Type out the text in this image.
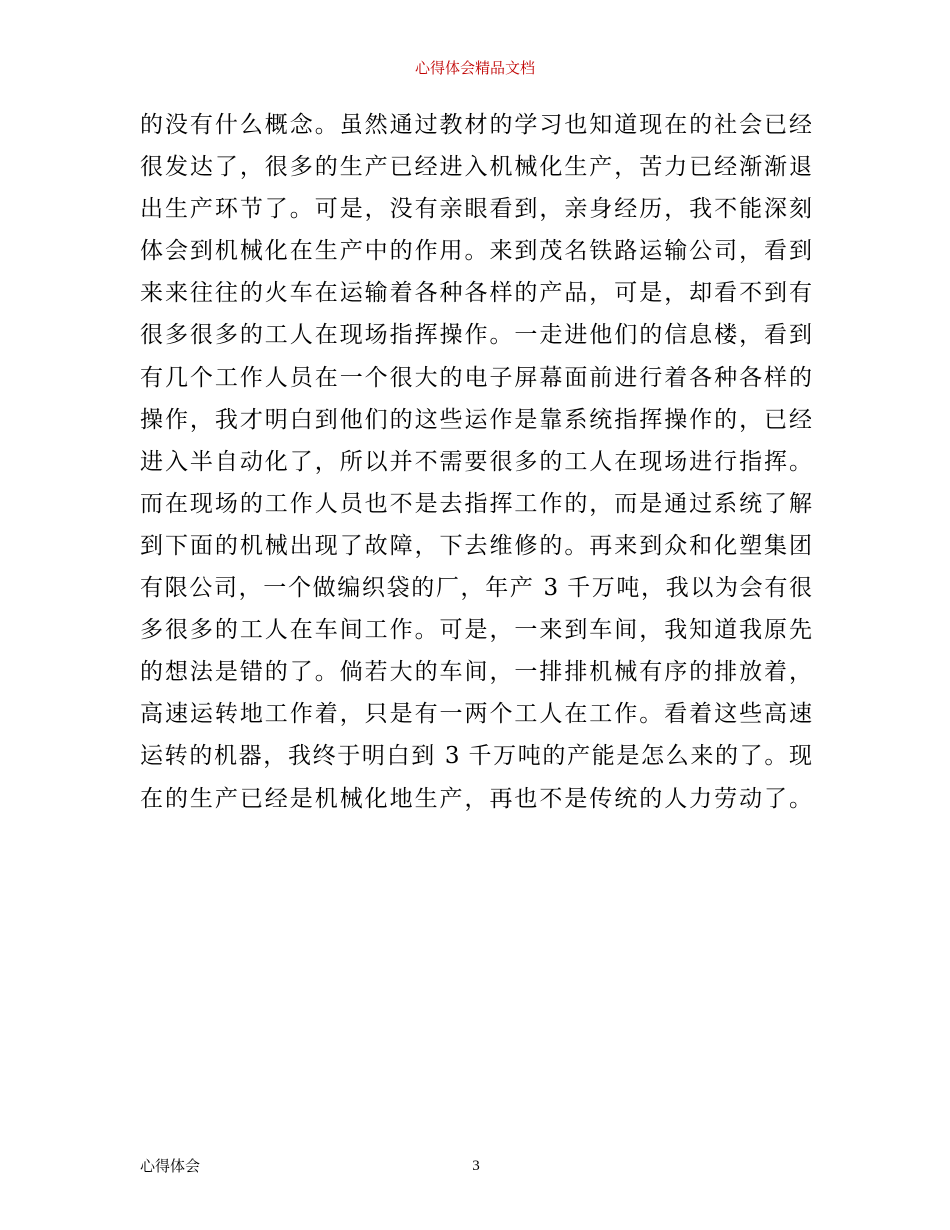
心得体会精品文档
的没有什么概念。虽然通过教材的学习也知道现在的社会已经
很发达了，很多的生产已经进入机械化生产，苦力已经渐渐退
出生产环节了。可是，没有亲眼看到，亲身经历，我不能深刻
体会到机械化在生产中的作用。来到茂名铁路运输公司，看到
来来往往的火车在运输着各种各样的产品，可是，却看不到有
很多很多的工人在现场指挥操作。一走进他们的信息楼，看到
有几个工作人员在一个很大的电子屏幕面前进行着各种各样的
操作，我才明白到他们的这些运作是靠系统指挥操作的，已经
进入半自动化了，所以并不需要很多的工人在现场进行指挥。
而在现场的工作人员也不是去指挥工作的，而是通过系统了解
到下面的机械出现了故障，下去维修的。再来到众和化塑集团
有限公司，一个做编织袋的厂，年产 3 千万吨，我以为会有很
多很多的工人在车间工作。可是，一来到车间，我知道我原先
的想法是错的了。倘若大的车间，一排排机械有序的排放着，
高速运转地工作着，只是有一两个工人在工作。看着这些高速
运转的机器，我终于明白到 3 千万吨的产能是怎么来的了。现
在的生产已经是机械化地生产，再也不是传统的人力劳动了。
3
心得体会
